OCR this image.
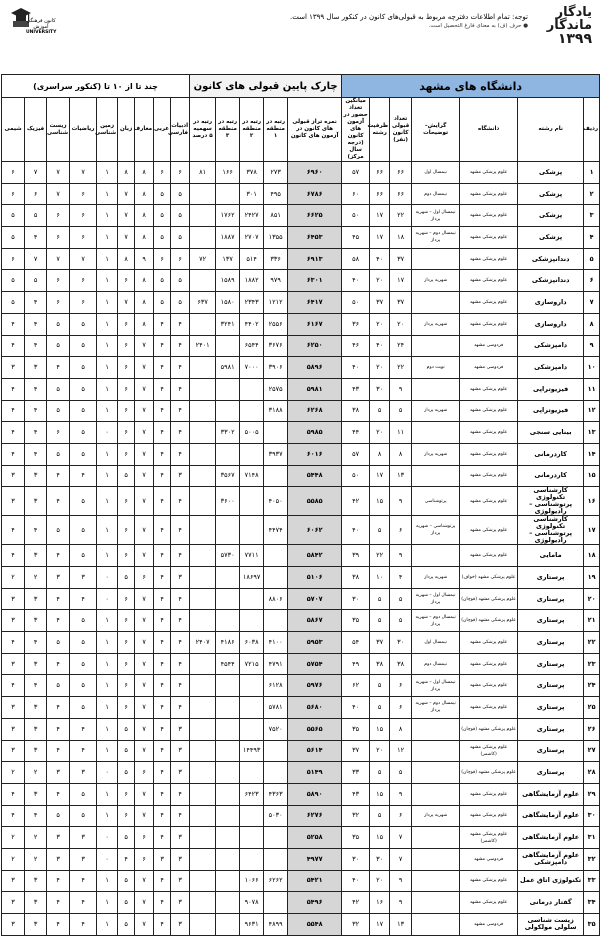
کانون فرهنگی آموزش
UNIVERSITY
توجه: تمام اطلاعات دفترچه مربوط به قبولی‌های کانون در کنکور سال ۱۳۹۹ است.
● حرف (ف) به معنای فارغ التحصیل است.
یادگار
ماندگار
۱۳۹۹
دانشگاه های مشهد							چارک پایین قبولی های کانون					چند تا از ۱۰ تا (کنکور سراسری)								
ردیف	نام رشته	دانشگاه	گرایش–توضیحات	تعداد قبولی کانون (نفر)	ظرفیت رشته	میانگین تعداد حضور در آزمون های کانون (درجه سال مرکز)	نمره تراز قبولی های کانون در آزمون های کانون	رتبه در منطقه ۱	رتبه در منطقه ۲	رتبه در منطقه ۳	رتبه در سهمیه ۵ درصد	ادبیات فارسی	عربی	معارف	زبان	زمین شناسی	ریاضیات	زیست شناسی	فیزیک	شیمی
۱	پزشکی	علوم پزشکی مشهد	نیمسال اول	۶۶	۶۶	۵۷	۶۹۶۰	۲۷۳	۳۷۸	۱۶۶	۸۱	۶	۶	۸	۸	۱	۷	۷	۷	۶
۲	پزشکی	علوم پزشکی مشهد	نیمسال دوم	۶۶	۶۶	۶۰	۶۷۸۶	۴۹۵	۳۰۱			۵	۵	۸	۷	۱	۶	۷	۶	۶
۳	پزشکی	علوم پزشکی مشهد	نیمسال اول – شهریه پرداز	۲۲	۱۷	۵۰	۶۶۲۵	۸۵۱	۲۴۲۷	۱۷۶۲		۵	۵	۸	۷	۱	۶	۶	۵	۵
۴	پزشکی	علوم پزشکی مشهد	نیمسال دوم – شهریه پرداز	۱۸	۱۷	۴۵	۶۴۵۳	۱۳۵۵	۲۷۰۷	۱۸۸۷		۵	۵	۸	۷	۱	۶	۶	۴	۵
۵	دندانپزشکی	علوم پزشکی مشهد		۳۷	۴۰	۵۸	۶۹۱۳	۳۳۶	۵۱۴	۱۳۷	۷۲	۶	۶	۹	۸	۱	۷	۷	۷	۶
۶	دندانپزشکی	علوم پزشکی مشهد	شهریه پرداز	۱۷	۲۰	۴۰	۶۳۰۱	۹۷۹	۱۸۸۲	۱۵۸۹		۵	۵	۸	۶	۱	۶	۶	۵	۵
۷	داروسازی	علوم پزشکی مشهد		۳۷	۳۷	۵۰	۶۴۱۷	۱۲۱۲	۲۳۴۳	۱۵۸۰	۶۳۷	۵	۵	۸	۷	۱	۶	۶	۴	۵
۸	داروسازی	علوم پزشکی مشهد	شهریه پرداز	۲۰	۲۰	۳۶	۶۱۶۷	۲۵۵۶	۴۴۰۲	۳۲۴۱		۴	۴	۸	۶	۱	۵	۵	۴	۴
۹	دامپزشکی	فردوسی مشهد		۲۴	۴۰	۴۶	۶۲۵۰	۳۶۷۶	۶۵۴۴		۲۴۰۱	۴	۴	۷	۶	۱	۵	۵	۴	۴
۱۰	دامپزشکی	فردوسی مشهد	نوبت دوم	۲۲	۲۰	۴۰	۵۸۹۶	۳۹۰۶	۷۰۰۰	۵۹۸۱		۴	۴	۷	۶	۱	۵	۴	۳	۳
۱۱	فیزیوتراپی	علوم پزشکی مشهد		۹	۳۰	۴۳	۵۹۸۱	۲۵۷۵				۴	۴	۷	۶	۱	۵	۵	۴	۴
۱۲	فیزیوتراپی	علوم پزشکی مشهد	شهریه پرداز	۵	۵	۳۸	۶۲۶۸	۳۱۸۸				۴	۴	۷	۶	۱	۵	۵	۴	۴
۱۳	بینایی سنجی	علوم پزشکی مشهد		۱۱	۲۰	۴۴	۵۹۸۵		۵۰۰۵	۳۳۰۲		۴	۴	۷	۶	۰	۵	۶	۴	۴
۱۴	کاردرمانی	علوم پزشکی مشهد	شهریه پرداز	۸	۸	۵۷	۶۰۱۶	۳۹۳۷				۴	۴	۷	۶	۱	۵	۵	۴	۴
۱۵	کاردرمانی	علوم پزشکی مشهد		۱۳	۱۷	۵۰	۵۴۴۸		۷۱۴۸	۳۵۶۷		۳	۴	۷	۵	۱	۴	۴	۳	۳
۱۶	کارشناسی تکنولوژی پرتوشناسی – رادیولوژی	علوم پزشکی مشهد	پرتوشناسی	۹	۱۵	۴۲	۵۵۸۵	۴۰۵۰		۳۶۰۰		۴	۴	۷	۶	۱	۵	۴	۳	۳
۱۷	کارشناسی تکنولوژی پرتوشناسی – رادیولوژی	علوم پزشکی مشهد	پرتوشناسی – شهریه پرداز	۶	۵	۴۰	۶۰۶۲	۴۴۷۴				۴	۴	۷	۶	۱	۵	۵	۴	۴
۱۸	مامایی	علوم پزشکی مشهد		۹	۲۲	۳۹	۵۸۴۲		۷۷۱۱	۵۷۳۰		۴	۴	۷	۶	۱	۵	۴	۳	۴
۱۹	پرستاری	علوم پزشکی مشهد (خواف)	شهریه پرداز	۴	۱۰	۳۸	۵۱۰۶		۱۸۶۹۷			۳	۴	۶	۵	۰	۳	۳	۲	۲
۲۰	پرستاری	علوم پزشکی مشهد (قوچان)	نیمسال اول – شهریه پرداز	۵	۵	۳۰	۵۷۰۷	۸۸۰۶				۴	۴	۷	۶	۰	۴	۴	۳	۳
۲۱	پرستاری	علوم پزشکی مشهد (قوچان)	نیمسال دوم – شهریه پرداز	۵	۵	۳۵	۵۸۶۷					۴	۴	۷	۶	۱	۵	۴	۳	۳
۲۲	پرستاری	علوم پزشکی مشهد	نیمسال اول	۳۰	۳۷	۵۴	۵۹۵۳	۴۱۰۰	۶۰۳۸	۴۱۸۶	۲۴۰۷	۴	۴	۷	۶	۱	۵	۵	۴	۴
۲۳	پرستاری	علوم پزشکی مشهد	نیمسال دوم	۳۸	۳۸	۴۹	۵۷۵۴	۴۷۹۱	۷۲۱۵	۴۵۴۴		۴	۴	۷	۶	۱	۵	۴	۳	۳
۲۴	پرستاری	علوم پزشکی مشهد	نیمسال اول – شهریه پرداز	۶	۵	۶۲	۵۹۷۶	۶۱۲۸				۴	۴	۷	۶	۱	۵	۵	۴	۴
۲۵	پرستاری	علوم پزشکی مشهد	نیمسال دوم – شهریه پرداز	۶	۵	۴۰	۵۶۸۰	۵۷۸۱				۴	۴	۷	۶	۱	۵	۴	۳	۳
۲۶	پرستاری	علوم پزشکی مشهد (قوچان)		۸	۱۵	۳۵	۵۵۶۵	۷۵۲۰				۳	۴	۷	۵	۱	۴	۴	۳	۳
۲۷	پرستاری	علوم پزشکی مشهد (کاشمر)		۱۲	۲۰	۳۷	۵۶۱۴		۱۴۴۹۳			۳	۴	۷	۵	۱	۴	۴	۳	۳
۲۸	پرستاری	علوم پزشکی مشهد (قوچان)		۵	۵	۳۳	۵۱۴۹					۳	۴	۶	۵	۰	۳	۳	۲	۲
۲۹	علوم آزمایشگاهی	علوم پزشکی مشهد		۹	۱۵	۴۳	۵۸۹۰	۴۳۶۳	۶۴۲۳			۴	۴	۷	۶	۱	۵	۴	۳	۴
۳۰	علوم آزمایشگاهی	علوم پزشکی مشهد	شهریه پرداز	۶	۵	۳۲	۶۲۷۶	۵۰۳۰				۴	۴	۷	۶	۱	۵	۵	۴	۴
۳۱	علوم آزمایشگاهی	علوم پزشکی مشهد (کاشمر)		۷	۱۵	۳۵	۵۲۵۸					۳	۴	۶	۵	۰	۳	۳	۲	۲
۳۲	علوم آزمایشگاهی دامپزشکی	فردوسی مشهد		۷	۳۰	۳۰	۴۹۷۷					۳	۳	۶	۴	۰	۳	۳	۲	۲
۳۳	تکنولوژی اتاق عمل	علوم پزشکی مشهد		۹	۲۰	۴۰	۵۴۲۱	۶۲۶۲	۱۰۶۶			۳	۴	۷	۵	۱	۴	۴	۳	۳
۳۴	گفتار درمانی	علوم پزشکی مشهد		۹	۱۶	۴۲	۵۴۹۶		۹۰۷۸			۳	۴	۷	۵	۱	۴	۴	۳	۳
۳۵	زیست شناسی سلولی مولکولی	فردوسی مشهد		۱۳	۱۷	۳۲	۵۵۴۸	۴۸۹۹	۹۶۳۱			۳	۴	۷	۵	۱	۴	۴	۳	۳
